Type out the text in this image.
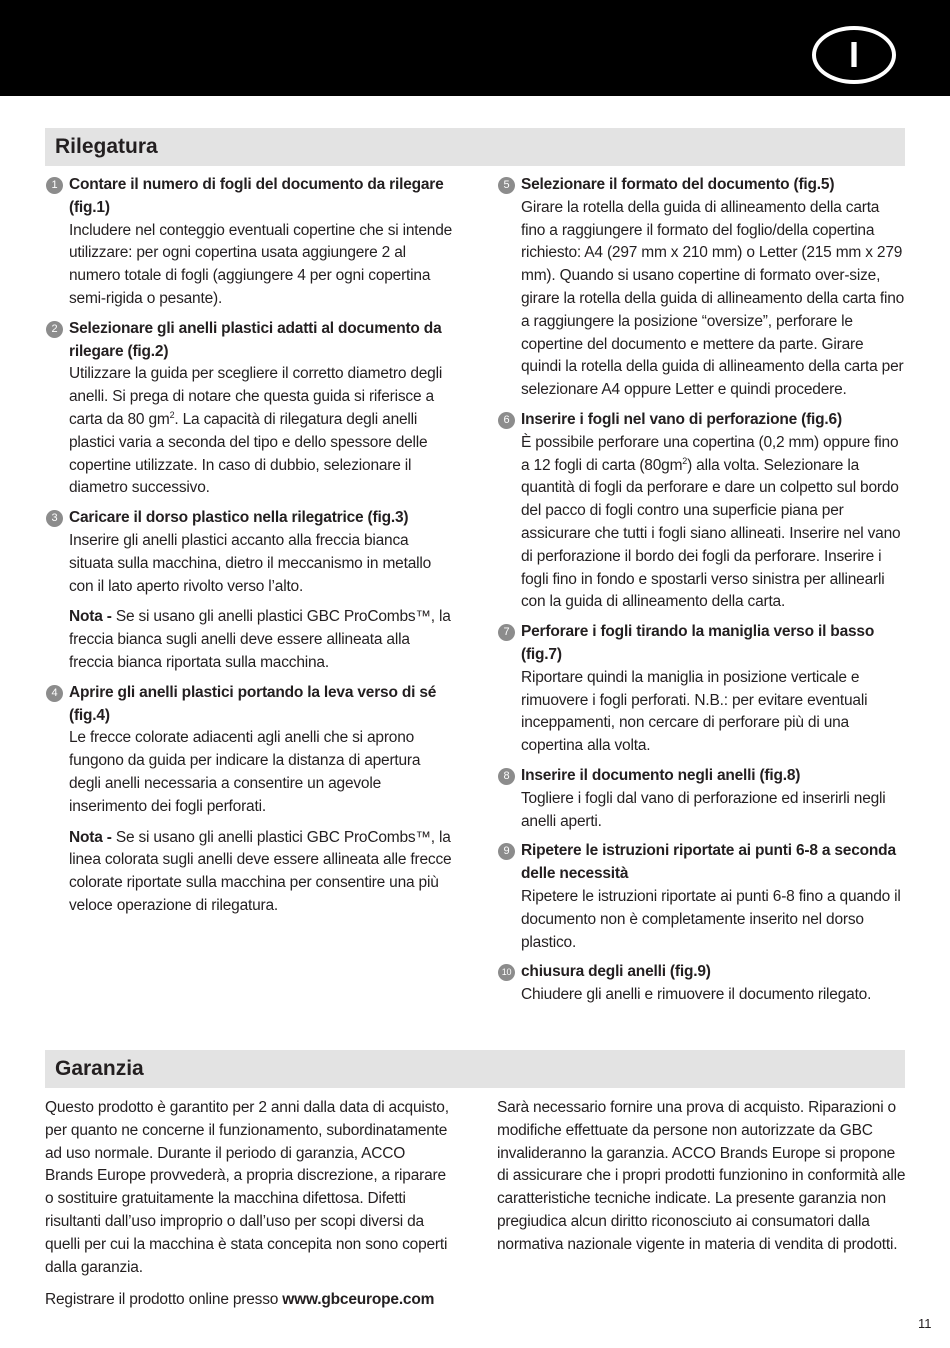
I
Rilegatura
1 Contare il numero di fogli del documento da rilegare (fig.1)
Includere nel conteggio eventuali copertine che si intende utilizzare: per ogni copertina usata aggiungere 2 al numero totale di fogli (aggiungere 4 per ogni copertina semi-rigida o pesante).
2 Selezionare gli anelli plastici adatti al documento da rilegare (fig.2)
Utilizzare la guida per scegliere il corretto diametro degli anelli. Si prega di notare che questa guida si riferisce a carta da 80 $gm^2$. La capacità di rilegatura degli anelli plastici varia a seconda del tipo e dello spessore delle copertine utilizzate. In caso di dubbio, selezionare il diametro successivo.
3 Caricare il dorso plastico nella rilegatrice (fig.3)
Inserire gli anelli plastici accanto alla freccia bianca situata sulla macchina, dietro il meccanismo in metallo con il lato aperto rivolto verso l’alto.
Nota - Se si usano gli anelli plastici GBC ProCombs™, la freccia bianca sugli anelli deve essere allineata alla freccia bianca riportata sulla macchina.
4 Aprire gli anelli plastici portando la leva verso di sé (fig.4)
Le frecce colorate adiacenti agli anelli che si aprono fungono da guida per indicare la distanza di apertura degli anelli necessaria a consentire un agevole inserimento dei fogli perforati.
Nota - Se si usano gli anelli plastici GBC ProCombs™, la linea colorata sugli anelli deve essere allineata alle frecce colorate riportate sulla macchina per consentire una più veloce operazione di rilegatura.
5 Selezionare il formato del documento (fig.5)
Girare la rotella della guida di allineamento della carta fino a raggiungere il formato del foglio/della copertina richiesto: A4 (297 mm x 210 mm) o Letter (215 mm x 279 mm). Quando si usano copertine di formato over-size, girare la rotella della guida di allineamento della carta fino a raggiungere la posizione “oversize”, perforare le copertine del documento e mettere da parte. Girare quindi la rotella della guida di allineamento della carta per selezionare A4 oppure Letter e quindi procedere.
6 Inserire i fogli nel vano di perforazione (fig.6)
È possibile perforare una copertina (0,2 mm) oppure fino a 12 fogli di carta $(80gm^2)$ alla volta. Selezionare la quantità di fogli da perforare e dare un colpetto sul bordo del pacco di fogli contro una superficie piana per assicurare che tutti i fogli siano allineati. Inserire nel vano di perforazione il bordo dei fogli da perforare. Inserire i fogli fino in fondo e spostarli verso sinistra per allinearli con la guida di allineamento della carta.
7 Perforare i fogli tirando la maniglia verso il basso (fig.7)
Riportare quindi la maniglia in posizione verticale e rimuovere i fogli perforati. N.B.: per evitare eventuali inceppamenti, non cercare di perforare più di una copertina alla volta.
8 Inserire il documento negli anelli (fig.8)
Togliere i fogli dal vano di perforazione ed inserirli negli anelli aperti.
9 Ripetere le istruzioni riportate ai punti 6-8 a seconda delle necessità
Ripetere le istruzioni riportate ai punti 6-8 fino a quando il documento non è completamente inserito nel dorso plastico.
10 chiusura degli anelli (fig.9)
Chiudere gli anelli e rimuovere il documento rilegato.
Garanzia

Questo prodotto è garantito per 2 anni dalla data di acquisto, per quanto ne concerne il funzionamento, subordinatamente ad uso normale. Durante il periodo di garanzia, ACCO Brands Europe provvederà, a propria discrezione, a riparare o sostituire gratuitamente la macchina difettosa. Difetti risultanti dall’uso improprio o dall’uso per scopi diversi da quelli per cui la macchina è stata concepita non sono coperti dalla garanzia.

Registrare il prodotto online presso www.gbceurope.com

Sarà necessario fornire una prova di acquisto. Riparazioni o modifiche effettuate da persone non autorizzate da GBC invalideranno la garanzia. ACCO Brands Europe si propone di assicurare che i propri prodotti funzionino in conformità alle caratteristiche tecniche indicate. La presente garanzia non pregiudica alcun diritto riconosciuto ai consumatori dalla normativa nazionale vigente in materia di vendita di prodotti.

11
